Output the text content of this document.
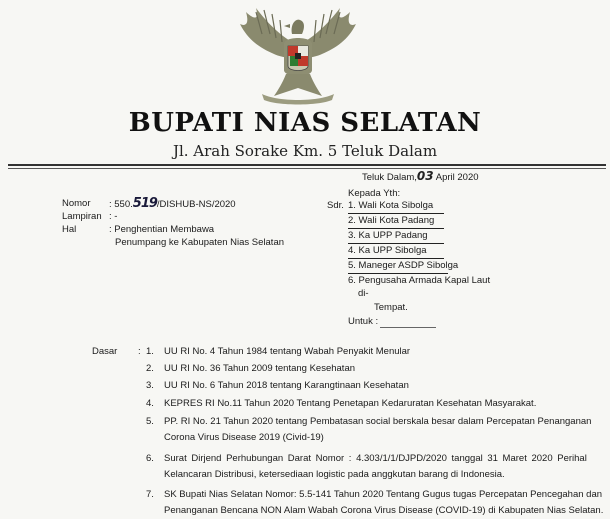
BUPATI NIAS SELATAN
Jl. Arah Sorake Km. 5 Teluk Dalam
Teluk Dalam,03 April 2020
Nomor : 550.519/DISHUB-NS/2020
Lampiran : -
Hal	: Penghentian Membawa
Penumpang ke Kabupaten Nias Selatan
Kepada Yth:
Sdr. 1. Wali Kota Sibolga
2. Wali Kota Padang
3. Ka UPP Padang
4. Ka UPP Sibolga
5. Maneger ASDP Sibolga
6. Pengusaha Armada Kapal Laut
di-
Tempat.
Untuk :
Dasar : 1. UU RI No. 4 Tahun 1984 tentang Wabah Penyakit Menular
2. UU RI No. 36 Tahun 2009 tentang Kesehatan
3. UU RI No. 6 Tahun 2018 tentang Karangtinaan Kesehatan
4. KEPRES RI No.11 Tahun 2020 Tentang Penetapan Kedaruratan Kesehatan Masyarakat.
5. PP. RI No. 21 Tahun 2020 tentang Pembatasan social berskala besar dalam Percepatan Penanganan
Corona Virus Disease 2019 (Civid-19)
6. Surat Dirjend Perhubungan Darat Nomor : 4.303/1/1/DJPD/2020 tanggal 31 Maret 2020 Perihal
Kelancaran Distribusi, ketersediaan logistic pada anggkutan barang di Indonesia.
7. SK Bupati Nias Selatan Nomor: 5.5-141 Tahun 2020 Tentang Gugus tugas Percepatan Pencegahan dan
Penanganan Bencana NON Alam Wabah Corona Virus Disease (COVID-19) di Kabupaten Nias Selatan.
